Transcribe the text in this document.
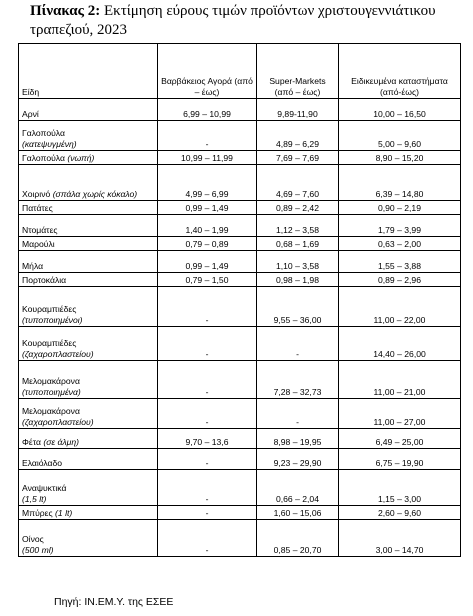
Πίνακας 2: Εκτίμηση εύρους τιμών προϊόντων χριστουγεννιάτικου τραπεζιού, 2023
Είδη	Βαρβάκειος Αγορά (από – έως)	Super-Markets
(από – έως)	Ειδικευμένα καταστήματα (από-έως)

Αρνί	6,99 – 10,99	9,89-11,90	10,00 – 16,50

Γαλοπούλα
(κατεψυγμένη)	-	4,89 – 6,29	5,00 – 9,60

Γαλοπούλα (νωπή)	10,99 – 11,99	7,69 – 7,69	8,90 – 15,20

Χοιρινό (σπάλα χωρίς κόκαλο)	4,99 – 6,99	4,69 – 7,60	6,39 – 14,80

Πατάτες	0,99 – 1,49	0,89 – 2,42	0,90 – 2,19

Ντομάτες	1,40 – 1,99	1,12 – 3,58	1,79 – 3,99

Μαρούλι	0,79 – 0,89	0,68 – 1,69	0,63 – 2,00

Μήλα	0,99 – 1,49	1,10 – 3,58	1,55 – 3,88

Πορτοκάλια	0,79 – 1,50	0,98 – 1,98	0,89 – 2,96

Κουραμπιέδες
(τυποποιημένοι)	-	9,55 – 36,00	11,00 – 22,00

Κουραμπιέδες
(ζαχαροπλαστείου)	-	-	14,40 – 26,00

Μελομακάρονα
(τυποποιημένα)	-	7,28 – 32,73	11,00 – 21,00

Μελομακάρονα
(ζαχαροπλαστείου)	-	-	11,00 – 27,00

Φέτα (σε άλμη)	9,70 – 13,6	8,98 – 19,95	6,49 – 25,00

Ελαιόλαδο	-	9,23 – 29,90	6,75 – 19,90

Αναψυκτικά
(1,5 lt)	-	0,66 – 2,04	1,15 – 3,00

Μπύρες (1 lt)	-	1,60 – 15,06	2,60 – 9,60

Οίνος
(500 ml)	-	0,85 – 20,70	3,00 – 14,70
Πηγή: ΙΝ.ΕΜ.Υ. της ΕΣΕΕ
